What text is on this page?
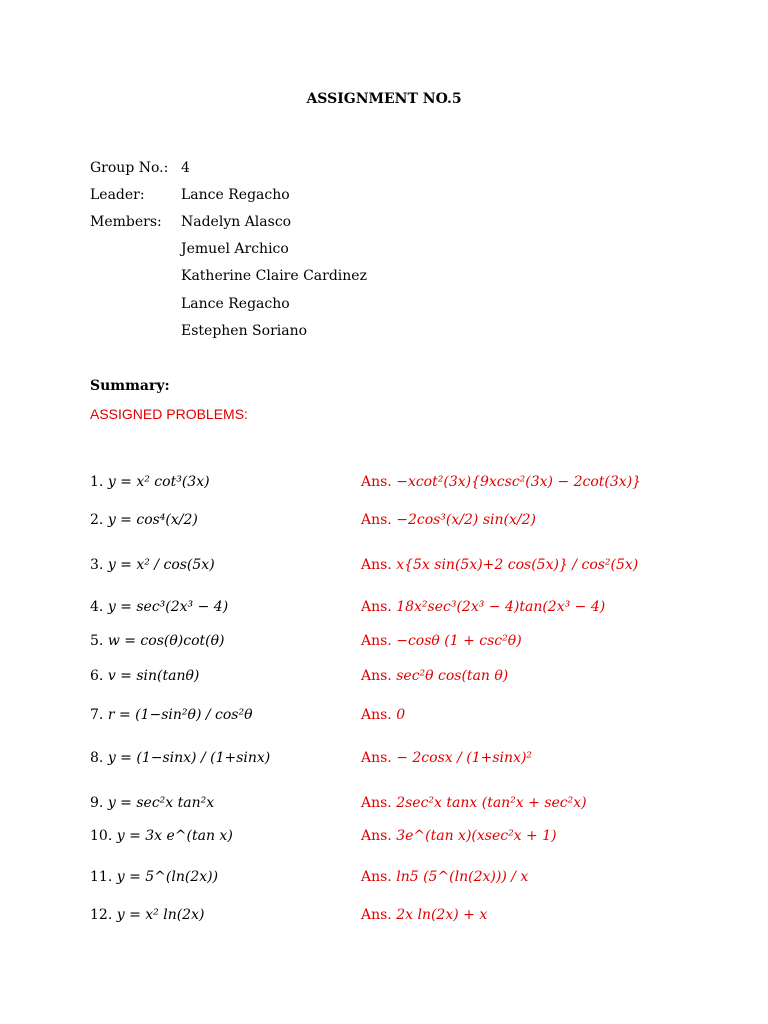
ASSIGNMENT NO.5
Group No.: 4
Leader:	Lance Regacho
Members: Nadelyn Alasco
Jemuel Archico
Katherine Claire Cardinez
Lance Regacho
Estephen Soriano
Summary:
ASSIGNED PROBLEMS:
1. y = x² cot³(3x)	Ans. −xcot²(3x){9xcsc²(3x) − 2cot(3x)}
2. y = cos⁴(x/2)	Ans. −2cos³(x/2) sin(x/2)
3. y = x² / cos(5x)	Ans. x{5x sin(5x)+2 cos(5x)} / cos²(5x)
4. y = sec³(2x³ − 4)	Ans. 18x²sec³(2x³ − 4)tan(2x³ − 4)
5. w = cos(θ)cot(θ)	Ans. −cosθ (1 + csc²θ)
6. v = sin(tanθ)	Ans. sec²θ cos(tan θ)
7. r = (1−sin²θ) / cos²θ	Ans. 0
8. y = (1−sinx) / (1+sinx)	Ans. − 2cosx / (1+sinx)²
9. y = sec²x tan²x	Ans. 2sec²x tanx (tan²x + sec²x)
10. y = 3x e^(tan x)	Ans. 3e^(tan x)(xsec²x + 1)
11. y = 5^(ln(2x))	Ans. ln5 (5^(ln(2x))) / x
12. y = x² ln(2x)	Ans. 2x ln(2x) + x
